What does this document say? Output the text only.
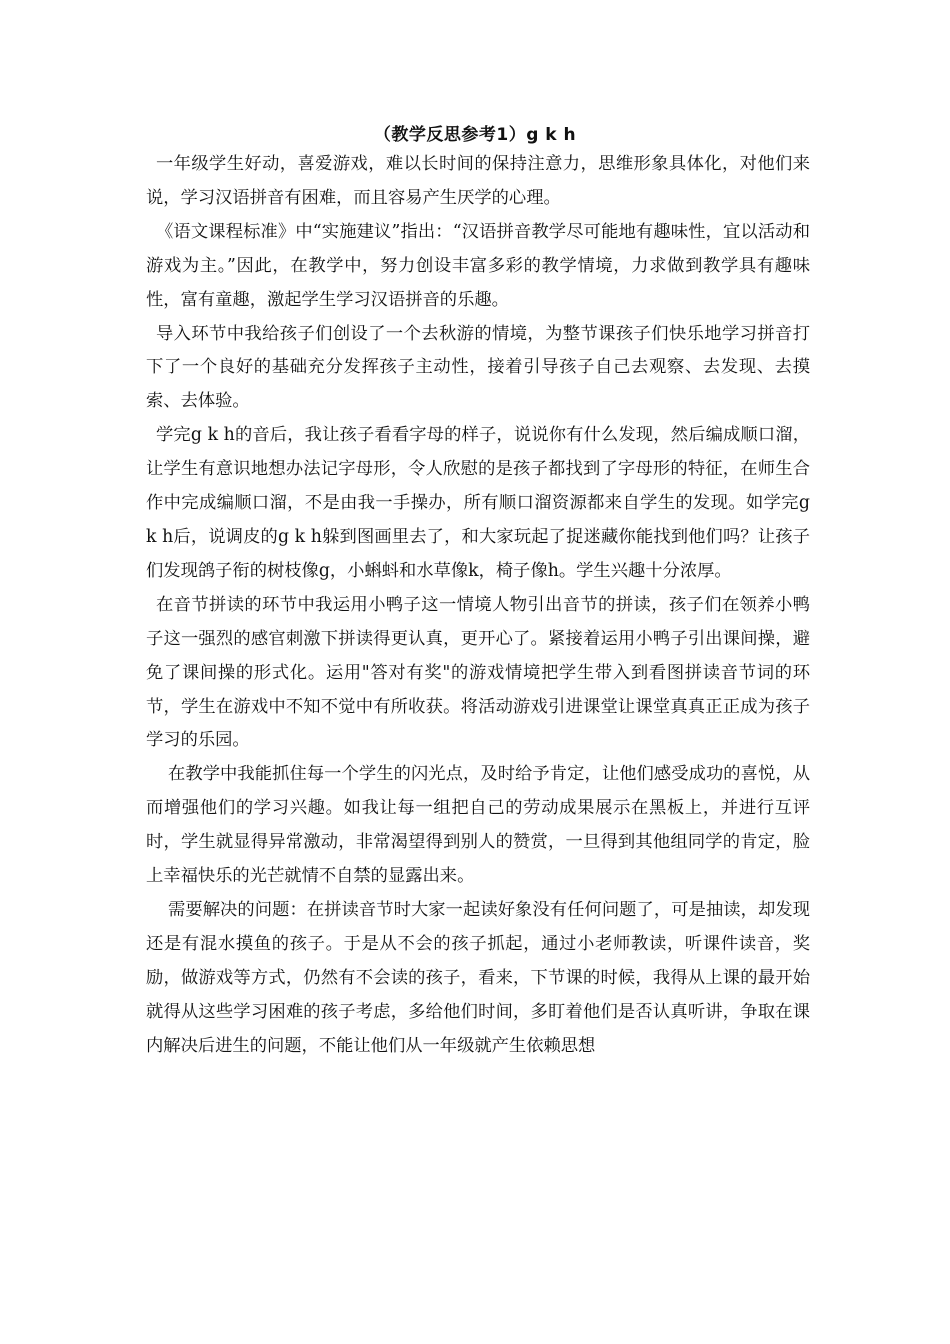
（教学反思参考1）g k h

一年级学生好动，喜爱游戏，难以长时间的保持注意力，思维形象具体化，对他们来说，学习汉语拼音有困难，而且容易产生厌学的心理。

《语文课程标准》中“实施建议”指出：“汉语拼音教学尽可能地有趣味性，宜以活动和游戏为主。”因此，在教学中，努力创设丰富多彩的教学情境，力求做到教学具有趣味性，富有童趣，激起学生学习汉语拼音的乐趣。

导入环节中我给孩子们创设了一个去秋游的情境，为整节课孩子们快乐地学习拼音打下了一个良好的基础充分发挥孩子主动性，接着引导孩子自己去观察、去发现、去摸索、去体验。

学完g k h的音后，我让孩子看看字母的样子，说说你有什么发现，然后编成顺口溜，让学生有意识地想办法记字母形，令人欣慰的是孩子都找到了字母形的特征，在师生合作中完成编顺口溜，不是由我一手操办，所有顺口溜资源都来自学生的发现。如学完g k h后，说调皮的g k h躲到图画里去了，和大家玩起了捉迷藏你能找到他们吗？让孩子们发现鸽子衔的树枝像g，小蝌蚪和水草像k，椅子像h。学生兴趣十分浓厚。

在音节拼读的环节中我运用小鸭子这一情境人物引出音节的拼读，孩子们在领养小鸭子这一强烈的感官刺激下拼读得更认真，更开心了。紧接着运用小鸭子引出课间操，避免了课间操的形式化。运用"答对有奖"的游戏情境把学生带入到看图拼读音节词的环节，学生在游戏中不知不觉中有所收获。将活动游戏引进课堂让课堂真真正正成为孩子学习的乐园。

在教学中我能抓住每一个学生的闪光点，及时给予肯定，让他们感受成功的喜悦，从而增强他们的学习兴趣。如我让每一组把自己的劳动成果展示在黑板上，并进行互评时，学生就显得异常激动，非常渴望得到别人的赞赏，一旦得到其他组同学的肯定，脸上幸福快乐的光芒就情不自禁的显露出来。

需要解决的问题：在拼读音节时大家一起读好象没有任何问题了，可是抽读，却发现还是有混水摸鱼的孩子。于是从不会的孩子抓起，通过小老师教读，听课件读音，奖励，做游戏等方式，仍然有不会读的孩子，看来，下节课的时候，我得从上课的最开始就得从这些学习困难的孩子考虑，多给他们时间，多盯着他们是否认真听讲，争取在课内解决后进生的问题，不能让他们从一年级就产生依赖思想
